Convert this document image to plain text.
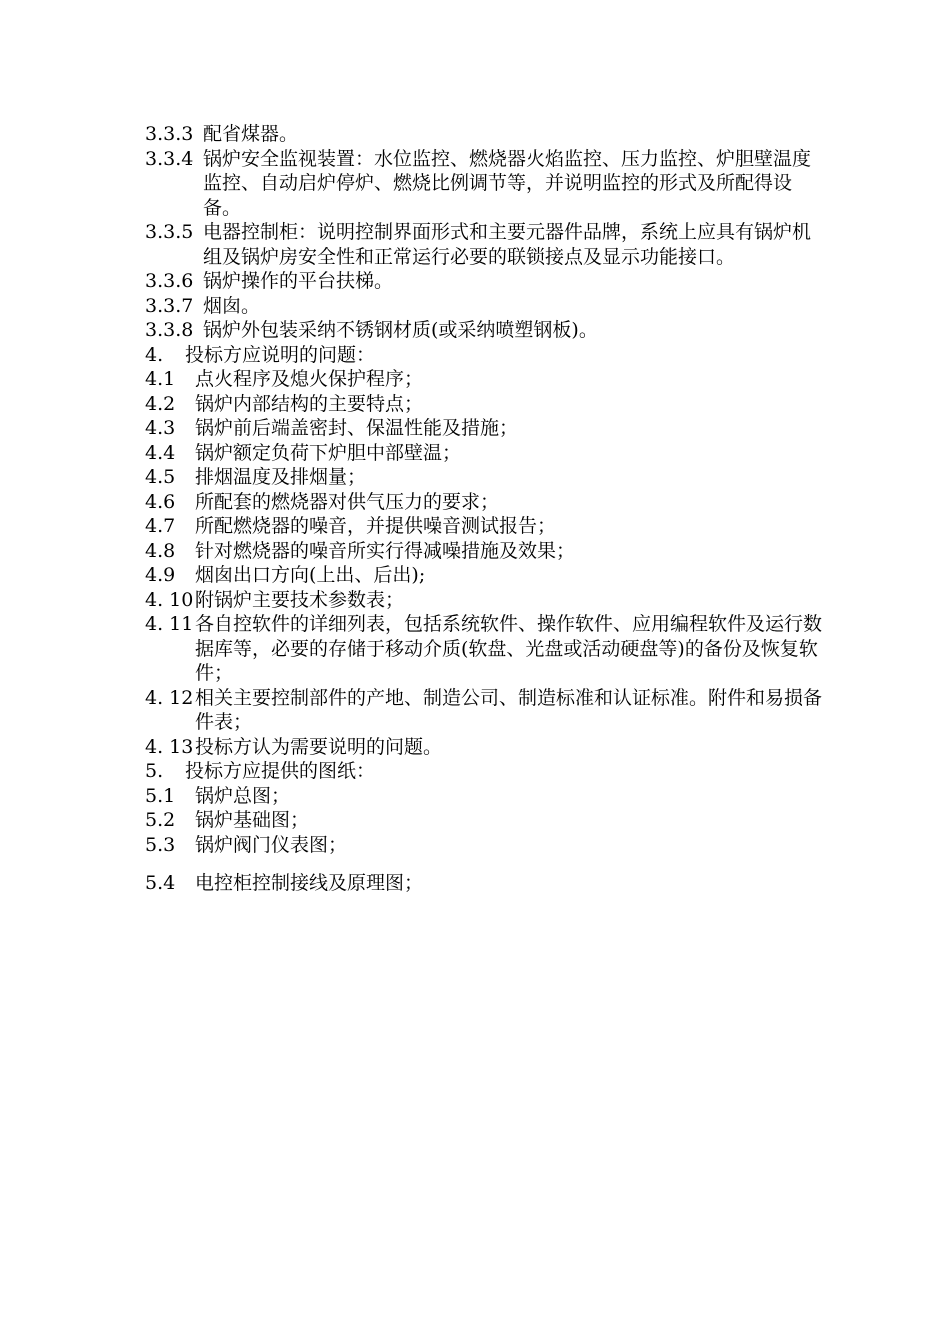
3.3.3 配省煤器。
3.3.4 锅炉安全监视装置：水位监控、燃烧器火焰监控、压力监控、炉胆壁温度监控、自动启炉停炉、燃烧比例调节等，并说明监控的形式及所配得设备。
3.3.5 电器控制柜：说明控制界面形式和主要元器件品牌，系统上应具有锅炉机组及锅炉房安全性和正常运行必要的联锁接点及显示功能接口。
3.3.6 锅炉操作的平台扶梯。
3.3.7 烟囱。
3.3.8 锅炉外包装采纳不锈钢材质(或采纳喷塑钢板)。
4.	投标方应说明的问题：
4.1	点火程序及熄火保护程序；
4.2	锅炉内部结构的主要特点；
4.3	锅炉前后端盖密封、保温性能及措施；
4.4	锅炉额定负荷下炉胆中部壁温；
4.5	排烟温度及排烟量；
4.6	所配套的燃烧器对供气压力的要求；
4.7	所配燃烧器的噪音，并提供噪音测试报告；
4.8	针对燃烧器的噪音所实行得减噪措施及效果；
4.9	烟囱出口方向(上出、后出);
4. 10 附锅炉主要技术参数表；
4. 11 各自控软件的详细列表，包括系统软件、操作软件、应用编程软件及运行数据库等，必要的存储于移动介质(软盘、光盘或活动硬盘等)的备份及恢复软件；
4. 12 相关主要控制部件的产地、制造公司、制造标准和认证标准。附件和易损备件表；
4. 13 投标方认为需要说明的问题。
5.	投标方应提供的图纸：
5.1	锅炉总图；
5.2	锅炉基础图；
5.3	锅炉阀门仪表图；
5.4	电控柜控制接线及原理图；
